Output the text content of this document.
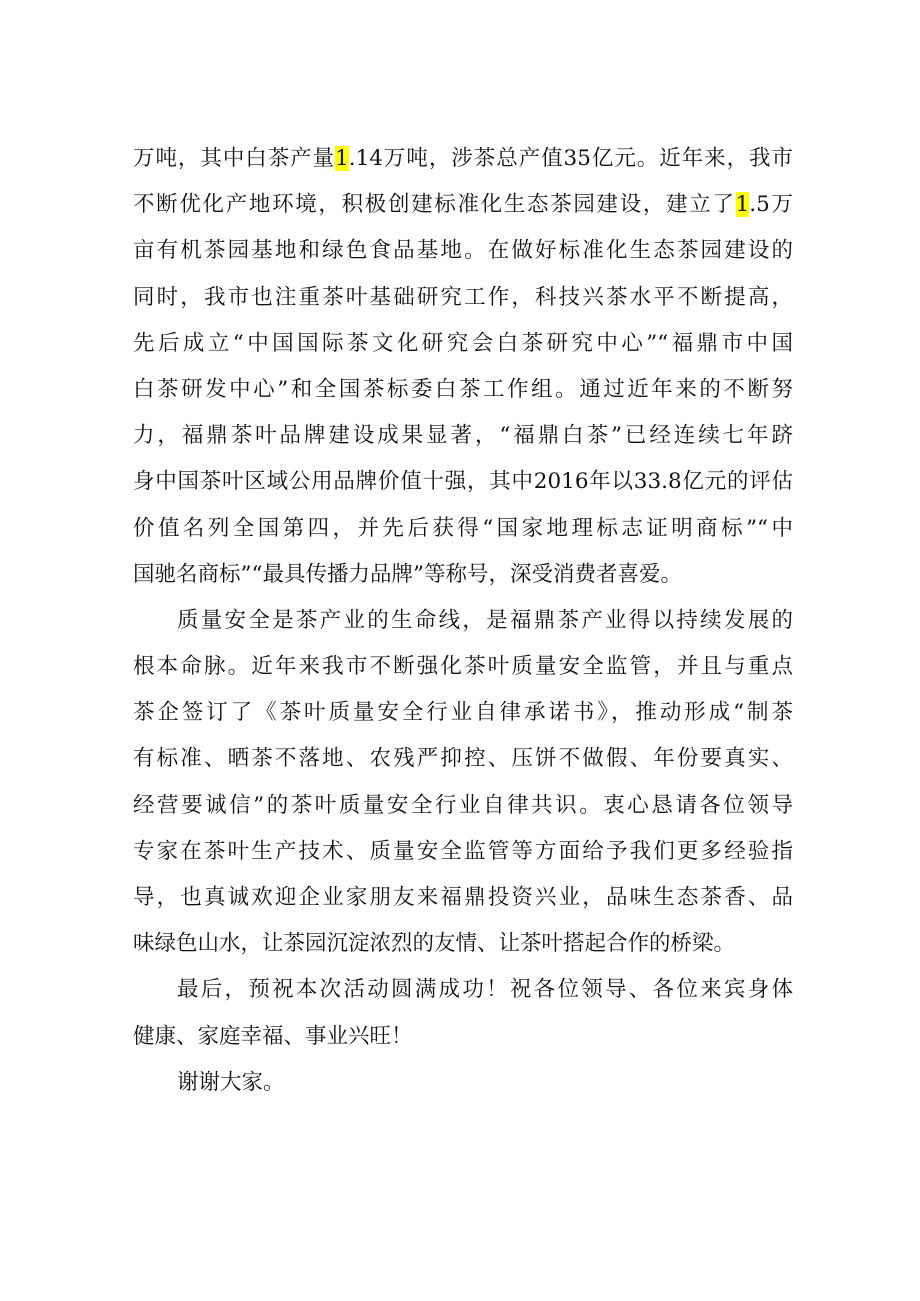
万吨，其中白茶产量1.14万吨，涉茶总产值35亿元。近年来，我市
不断优化产地环境，积极创建标准化生态茶园建设，建立了1.5万
亩有机茶园基地和绿色食品基地。在做好标准化生态茶园建设的
同时，我市也注重茶叶基础研究工作，科技兴茶水平不断提高，
先后成立“中国国际茶文化研究会白茶研究中心”“福鼎市中国
白茶研发中心”和全国茶标委白茶工作组。通过近年来的不断努
力，福鼎茶叶品牌建设成果显著，“福鼎白茶”已经连续七年跻
身中国茶叶区域公用品牌价值十强，其中2016年以33.8亿元的评估
价值名列全国第四，并先后获得“国家地理标志证明商标”“中
国驰名商标”“最具传播力品牌”等称号，深受消费者喜爱。
质量安全是茶产业的生命线，是福鼎茶产业得以持续发展的
根本命脉。近年来我市不断强化茶叶质量安全监管，并且与重点
茶企签订了《茶叶质量安全行业自律承诺书》，推动形成“制茶
有标准、晒茶不落地、农残严抑控、压饼不做假、年份要真实、
经营要诚信”的茶叶质量安全行业自律共识。衷心恳请各位领导
专家在茶叶生产技术、质量安全监管等方面给予我们更多经验指
导，也真诚欢迎企业家朋友来福鼎投资兴业，品味生态茶香、品
味绿色山水，让茶园沉淀浓烈的友情、让茶叶搭起合作的桥梁。
最后，预祝本次活动圆满成功！祝各位领导、各位来宾身体
健康、家庭幸福、事业兴旺！
谢谢大家。
